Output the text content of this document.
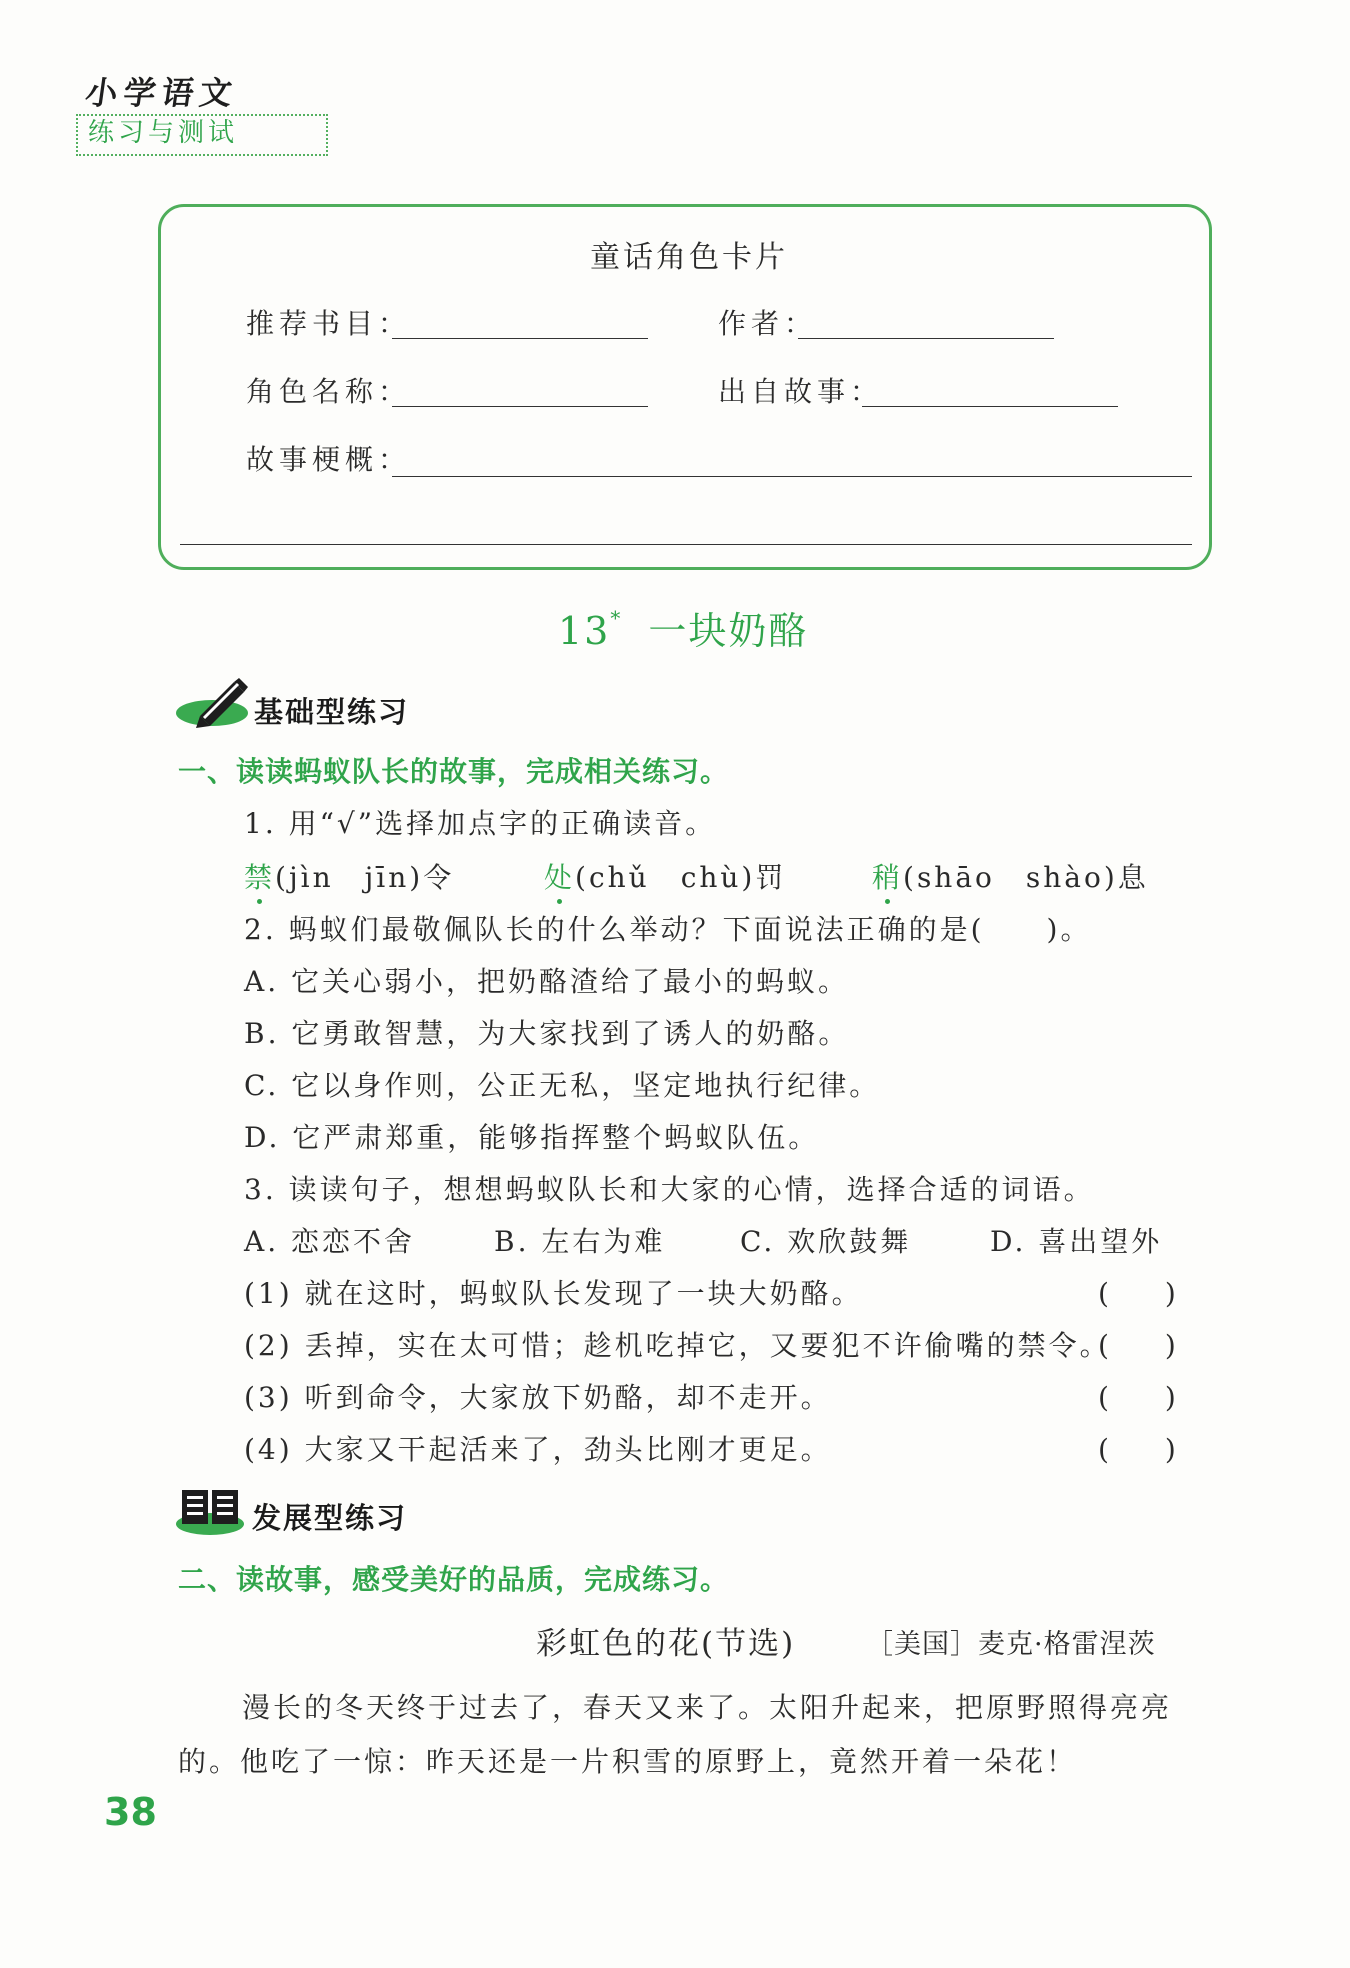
小学语文
练习与测试
童话角色卡片
推荐书目：	作者：
角色名称：	出自故事：
故事梗概：
13* 一块奶酪
基础型练习
一、读读蚂蚁队长的故事，完成相关练习。
1. 用“√”选择加点字的正确读音。
禁(jìn　jīn)令	处(chǔ　chù)罚	稍(shāo　shào)息
2. 蚂蚁们最敬佩队长的什么举动？下面说法正确的是(　　)。
A. 它关心弱小，把奶酪渣给了最小的蚂蚁。
B. 它勇敢智慧，为大家找到了诱人的奶酪。
C. 它以身作则，公正无私，坚定地执行纪律。
D. 它严肃郑重，能够指挥整个蚂蚁队伍。
3. 读读句子，想想蚂蚁队长和大家的心情，选择合适的词语。
A. 恋恋不舍	B. 左右为难	C. 欢欣鼓舞	D. 喜出望外
(1) 就在这时，蚂蚁队长发现了一块大奶酪。	(　　)
(2) 丢掉，实在太可惜；趁机吃掉它，又要犯不许偷嘴的禁令。
(　　)
(3) 听到命令，大家放下奶酪，却不走开。	(　　)
(4) 大家又干起活来了，劲头比刚才更足。	(　　)
发展型练习
二、读故事，感受美好的品质，完成练习。
彩虹色的花(节选)	［美国］麦克·格雷涅茨
漫长的冬天终于过去了，春天又来了。太阳升起来，把原野照得亮亮
的。他吃了一惊：昨天还是一片积雪的原野上，竟然开着一朵花！
38
